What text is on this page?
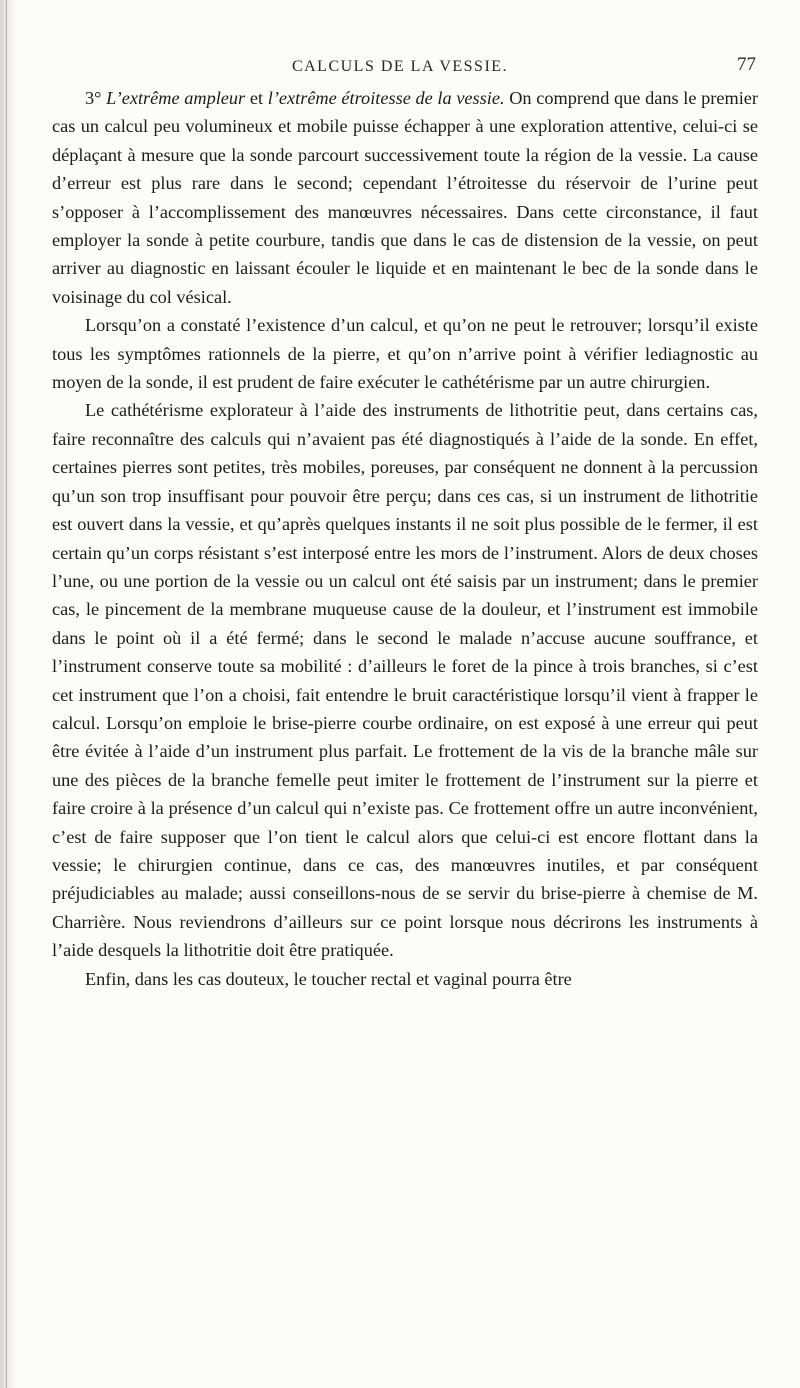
CALCULS DE LA VESSIE.	77

3° L’extrême ampleur et l’extrême étroitesse de la vessie. On comprend que dans le premier cas un calcul peu volumineux et mobile puisse échapper à une exploration attentive, celui-ci se déplaçant à mesure que la sonde parcourt successivement toute la région de la vessie. La cause d’erreur est plus rare dans le second; cependant l’étroitesse du réservoir de l’urine peut s’opposer à l’accomplissement des manœuvres nécessaires. Dans cette circonstance, il faut employer la sonde à petite courbure, tandis que dans le cas de distension de la vessie, on peut arriver au diagnostic en laissant écouler le liquide et en maintenant le bec de la sonde dans le voisinage du col vésical.

Lorsqu’on a constaté l’existence d’un calcul, et qu’on ne peut le retrouver; lorsqu’il existe tous les symptômes rationnels de la pierre, et qu’on n’arrive point à vérifier lediagnostic au moyen de la sonde, il est prudent de faire exécuter le cathétérisme par un autre chirurgien.

Le cathétérisme explorateur à l’aide des instruments de lithotritie peut, dans certains cas, faire reconnaître des calculs qui n’avaient pas été diagnostiqués à l’aide de la sonde. En effet, certaines pierres sont petites, très mobiles, poreuses, par conséquent ne donnent à la percussion qu’un son trop insuffisant pour pouvoir être perçu; dans ces cas, si un instrument de lithotritie est ouvert dans la vessie, et qu’après quelques instants il ne soit plus possible de le fermer, il est certain qu’un corps résistant s’est interposé entre les mors de l’instrument. Alors de deux choses l’une, ou une portion de la vessie ou un calcul ont été saisis par un instrument; dans le premier cas, le pincement de la membrane muqueuse cause de la douleur, et l’instrument est immobile dans le point où il a été fermé; dans le second le malade n’accuse aucune souffrance, et l’instrument conserve toute sa mobilité : d’ailleurs le foret de la pince à trois branches, si c’est cet instrument que l’on a choisi, fait entendre le bruit caractéristique lorsqu’il vient à frapper le calcul. Lorsqu’on emploie le brise-pierre courbe ordinaire, on est exposé à une erreur qui peut être évitée à l’aide d’un instrument plus parfait. Le frottement de la vis de la branche mâle sur une des pièces de la branche femelle peut imiter le frottement de l’instrument sur la pierre et faire croire à la présence d’un calcul qui n’existe pas. Ce frottement offre un autre inconvénient, c’est de faire supposer que l’on tient le calcul alors que celui-ci est encore flottant dans la vessie; le chirurgien continue, dans ce cas, des manœuvres inutiles, et par conséquent préjudiciables au malade; aussi conseillons-nous de se servir du brise-pierre à chemise de M. Charrière. Nous reviendrons d’ailleurs sur ce point lorsque nous décrirons les instruments à l’aide desquels la lithotritie doit être pratiquée.

Enfin, dans les cas douteux, le toucher rectal et vaginal pourra être
